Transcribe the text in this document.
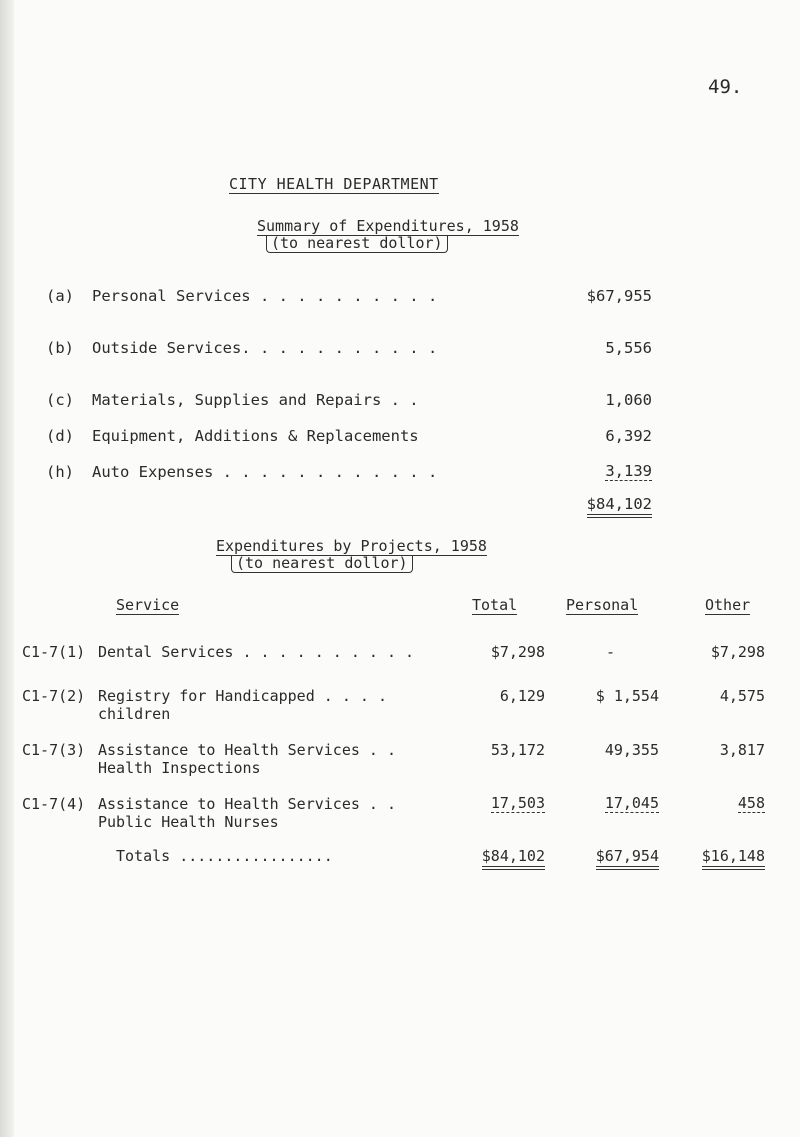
49.
CITY HEALTH DEPARTMENT
Summary of Expenditures, 1958
(to nearest dollor)
(a) Personal Services . . . . . . . . . .	$67,955
(b) Outside Services. . . . . . . . . . .	5,556
(c) Materials, Supplies and Repairs . .	1,060
(d) Equipment, Additions & Replacements	6,392
(h) Auto Expenses . . . . . . . . . . . .	3,139
$84,102
Expenditures by Projects, 1958
(to nearest dollor)
Service	Total	Personal	Other
C1-7(1) Dental Services . . . . . . . . . .	$7,298	-	$7,298
C1-7(2) Registry for Handicapped . . . .
children
6,129	$ 1,554	4,575
C1-7(3) Assistance to Health Services . .
Health Inspections
53,172	49,355	3,817
C1-7(4) Assistance to Health Services . .
Public Health Nurses
17,503	17,045	458
Totals .................	$84,102	$67,954	$16,148
